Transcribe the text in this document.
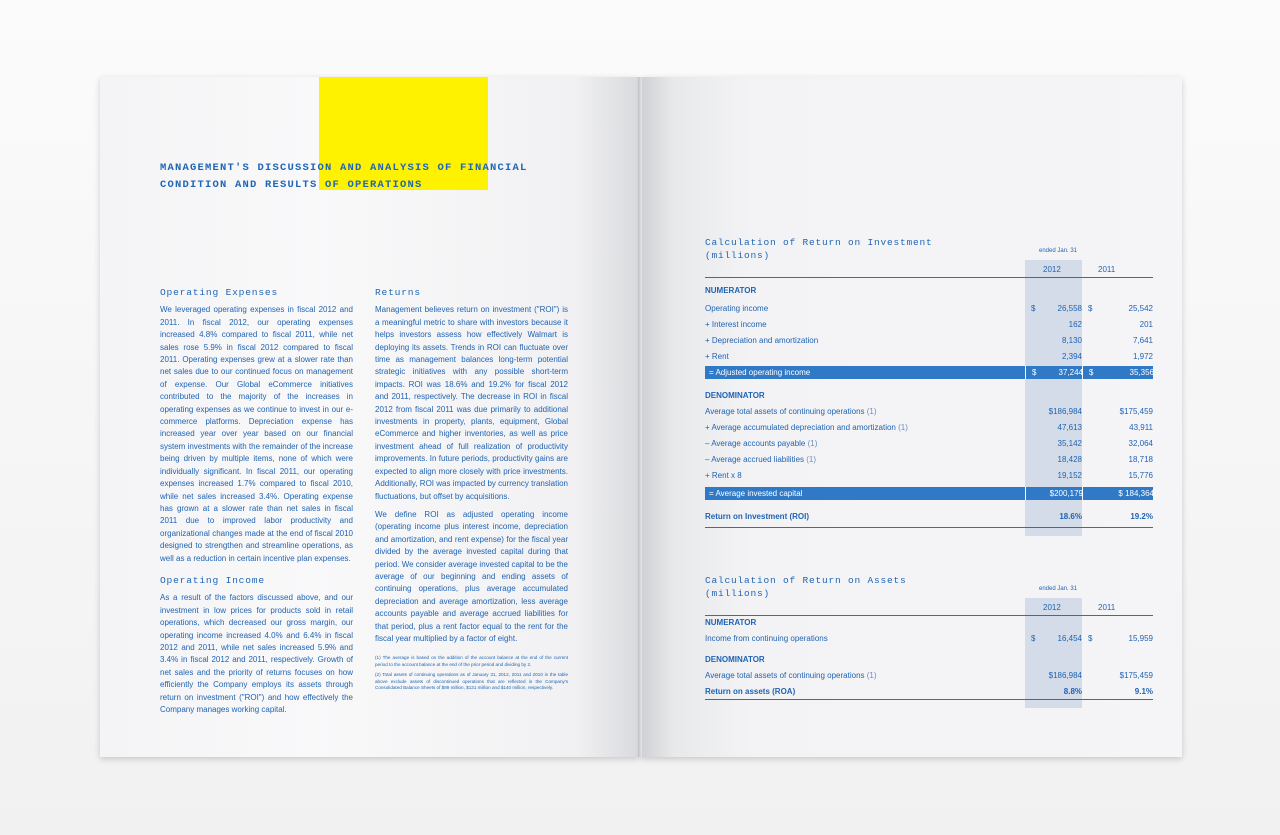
MANAGEMENT'S DISCUSSION AND ANALYSIS OF FINANCIAL
CONDITION AND RESULTS OF OPERATIONS
Operating Expenses

We leveraged operating expenses in fiscal 2012 and 2011. In fiscal 2012, our operating expenses increased 4.8% compared to fiscal 2011, while net sales rose 5.9% in fiscal 2012 compared to fiscal 2011. Operating expenses grew at a slower rate than net sales due to our continued focus on management of expense. Our Global eCommerce initiatives contributed to the majority of the increases in operating expenses as we continue to invest in our e-commerce platforms. Depreciation expense has increased year over year based on our financial system investments with the remainder of the increase being driven by multiple items, none of which were individually significant. In fiscal 2011, our operating expenses increased 1.7% compared to fiscal 2010, while net sales increased 3.4%. Operating expense has grown at a slower rate than net sales in fiscal 2011 due to improved labor productivity and organizational changes made at the end of fiscal 2010 designed to strengthen and streamline operations, as well as a reduction in certain incentive plan expenses.

Operating Income

As a result of the factors discussed above, and our investment in low prices for products sold in retail operations, which decreased our gross margin, our operating income increased 4.0% and 6.4% in fiscal 2012 and 2011, while net sales increased 5.9% and 3.4% in fiscal 2012 and 2011, respectively. Growth of net sales and the priority of returns focuses on how efficiently the Company employs its assets through return on investment ("ROI") and how effectively the Company manages working capital.

Returns

Management believes return on investment ("ROI") is a meaningful metric to share with investors because it helps investors assess how effectively Walmart is deploying its assets. Trends in ROI can fluctuate over time as management balances long-term potential strategic initiatives with any possible short-term impacts. ROI was 18.6% and 19.2% for fiscal 2012 and 2011, respectively. The decrease in ROI in fiscal 2012 from fiscal 2011 was due primarily to additional investments in property, plants, equipment, Global eCommerce and higher inventories, as well as price investment ahead of full realization of productivity improvements. In future periods, productivity gains are expected to align more closely with price investments. Additionally, ROI was impacted by currency translation fluctuations, but offset by acquisitions.

We define ROI as adjusted operating income (operating income plus interest income, depreciation and amortization, and rent expense) for the fiscal year divided by the average invested capital during that period. We consider average invested capital to be the average of our beginning and ending assets of continuing operations, plus average accumulated depreciation and average amortization, less average accounts payable and average accrued liabilities for that period, plus a rent factor equal to the rent for the fiscal year multiplied by a factor of eight.

(1) The average is based on the addition of the account balance at the end of the current period to the account balance at the end of the prior period and dividing by 2.

(2) Total assets of continuing operations as of January 31, 2012, 2011 and 2010 in the table above exclude assets of discontinued operations that are reflected in the Company's Consolidated Balance Sheets of $89 million, $131 million and $140 million, respectively.

Calculation of Return on Investment
(millions)	ended Jan. 31
2012	2011
NUMERATOR
Operating income	$	26,558 $	25,542
+ Interest income	162	201
+ Depreciation and amortization	8,130	7,641
+ Rent	2,394	1,972
= Adjusted operating income	$	37,244 $	35,356
DENOMINATOR
Average total assets of continuing operations (1)	$186,984	$175,459
+ Average accumulated depreciation and amortization (1)	47,613	43,911
– Average accounts payable (1)	35,142	32,064
– Average accrued liabilities (1)	18,428	18,718
+ Rent x 8	19,152	15,776
= Average invested capital	$200,179	$ 184,364
Return on Investment (ROI)	18.6%	19.2%
Calculation of Return on Assets
(millions)	ended Jan. 31
2012	2011
NUMERATOR
Income from continuing operations	$	16,454 $	15,959
DENOMINATOR
Average total assets of continuing operations (1)	$186,984	$175,459
Return on assets (ROA)	8.8%	9.1%
